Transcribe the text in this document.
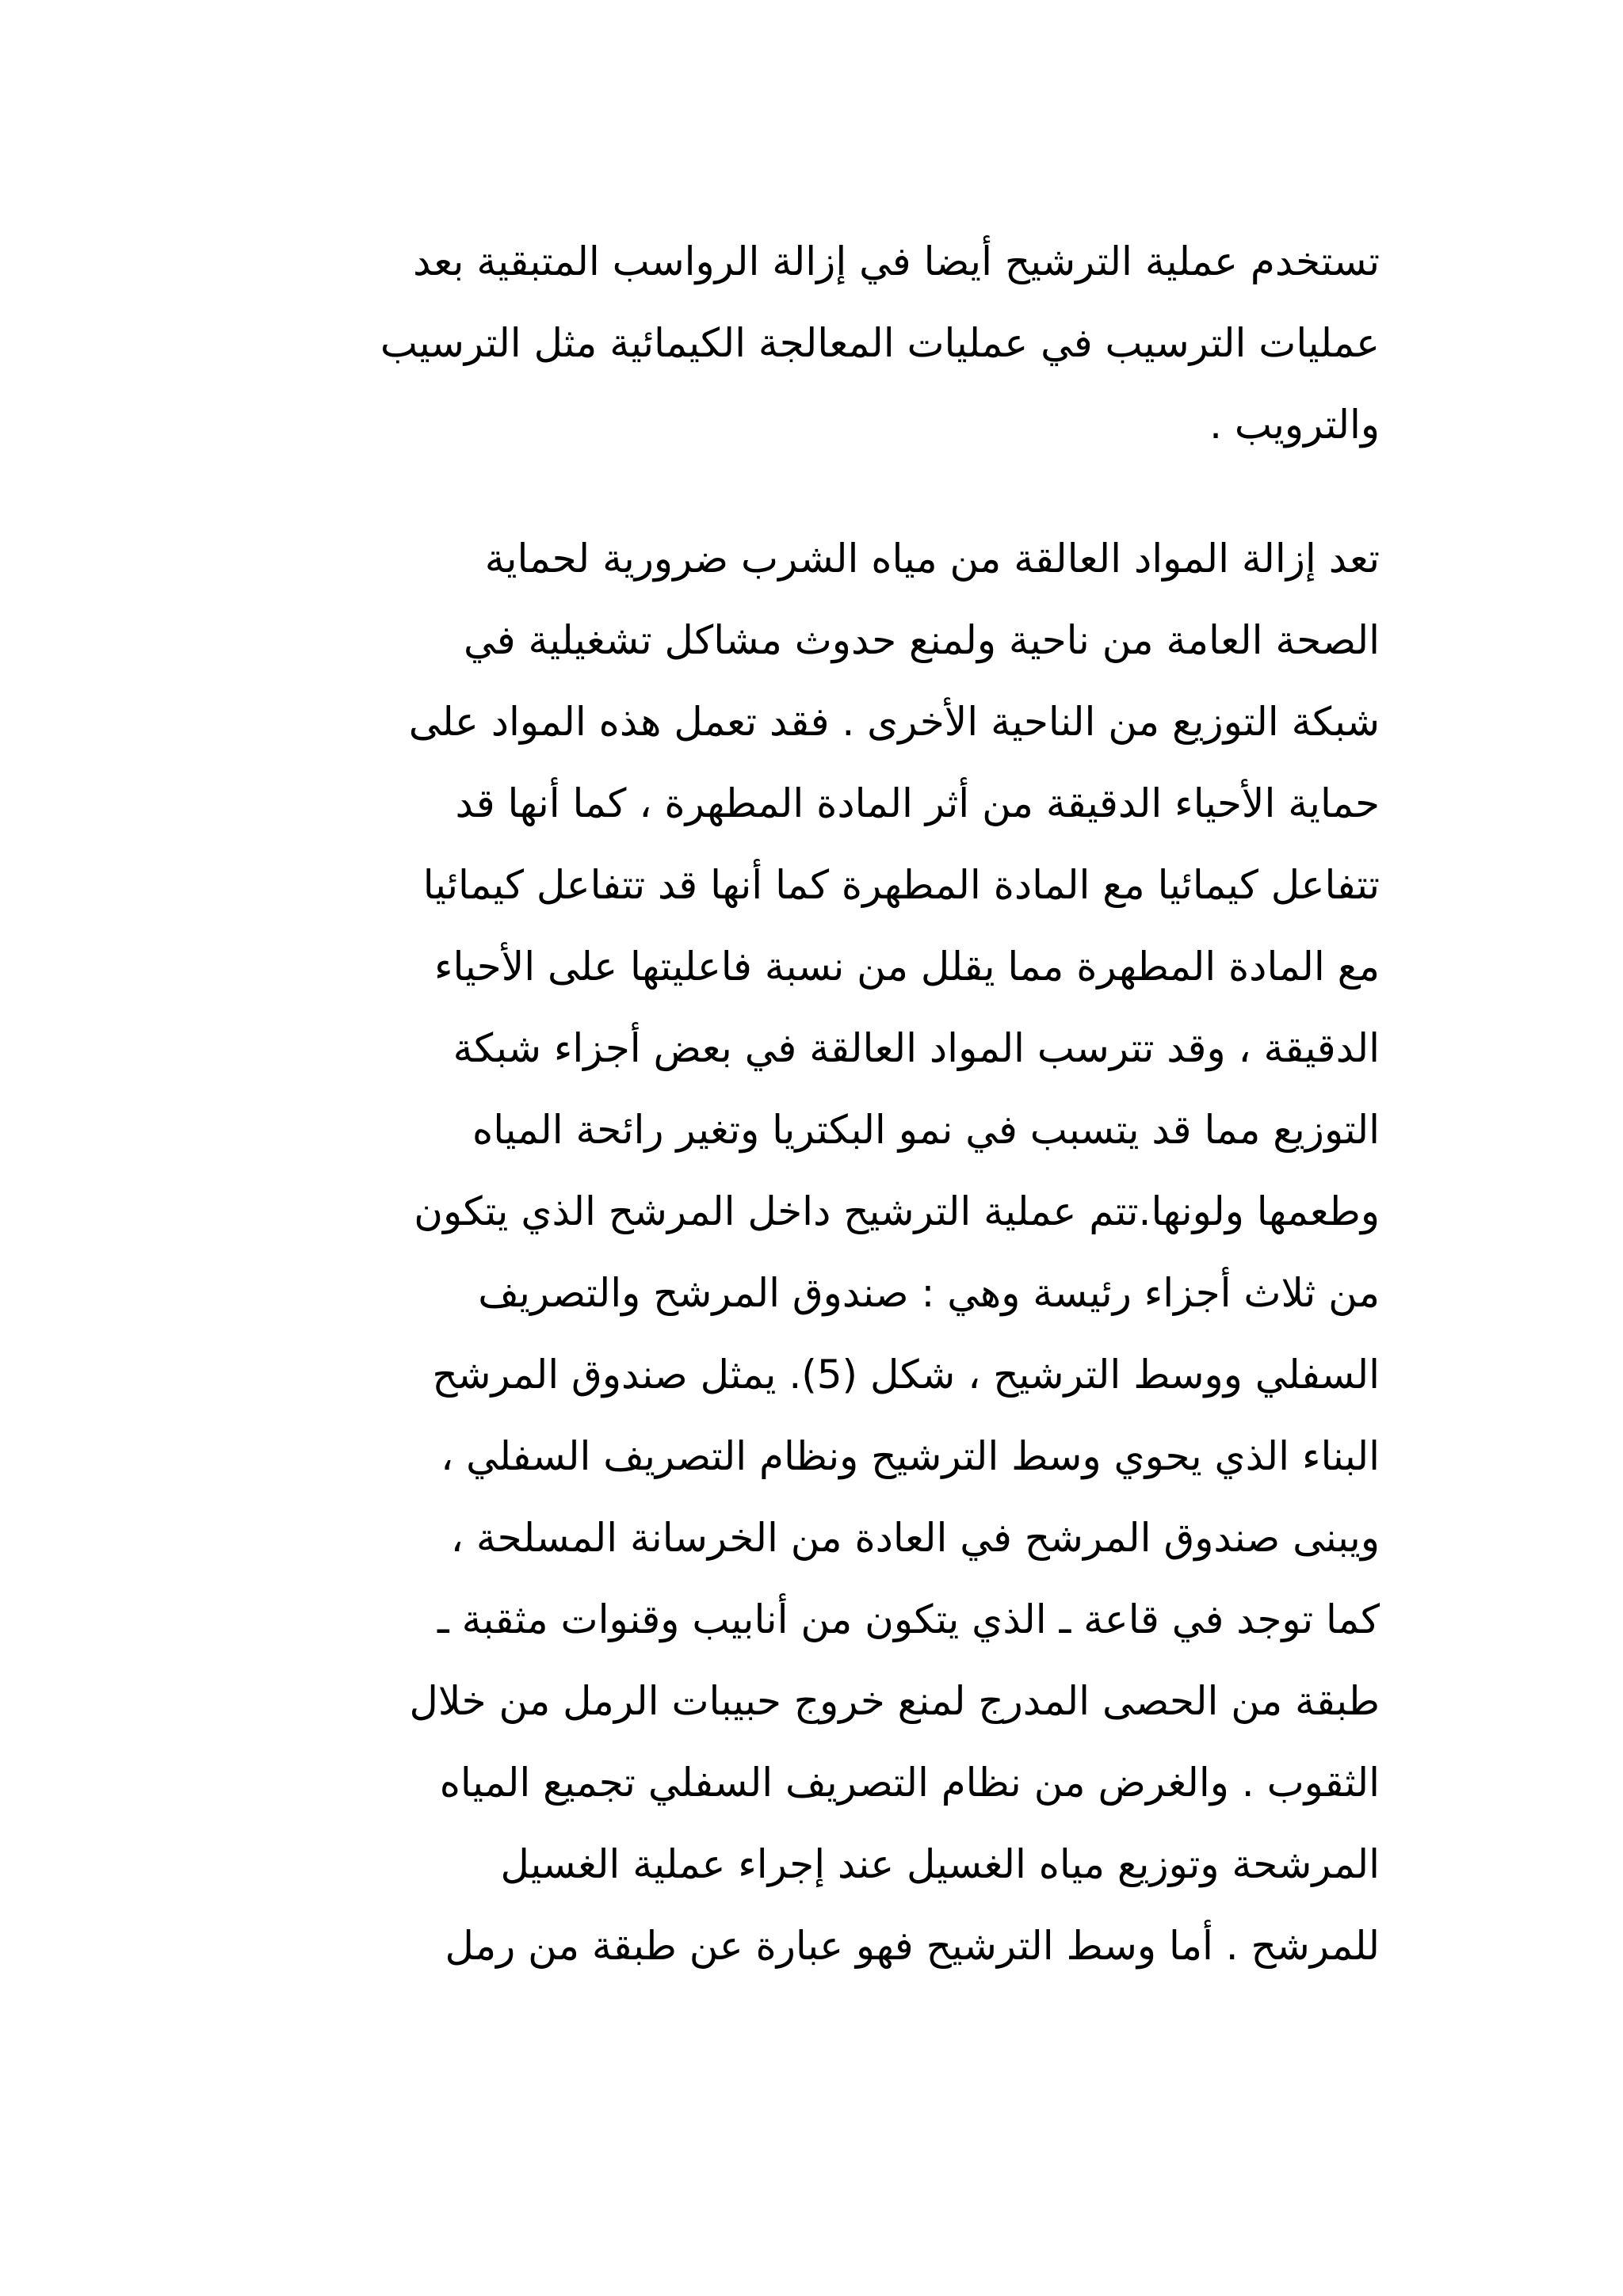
تستخدم عملية الترشيح أيضا في إزالة الرواسب المتبقية بعد
عمليات الترسيب في عمليات المعالجة الكيمائية مثل الترسيب
والترويب .
تعد إزالة المواد العالقة من مياه الشرب ضرورية لحماية
الصحة العامة من ناحية ولمنع حدوث مشاكل تشغيلية في
شبكة التوزيع من الناحية الأخرى . فقد تعمل هذه المواد على
حماية الأحياء الدقيقة من أثر المادة المطهرة ، كما أنها قد
تتفاعل كيمائيا مع المادة المطهرة كما أنها قد تتفاعل كيمائيا
مع المادة المطهرة مما يقلل من نسبة فاعليتها على الأحياء
الدقيقة ، وقد تترسب المواد العالقة في بعض أجزاء شبكة
التوزيع مما قد يتسبب في نمو البكتريا وتغير رائحة المياه
وطعمها ولونها.تتم عملية الترشيح داخل المرشح الذي يتكون
من ثلاث أجزاء رئيسة وهي : صندوق المرشح والتصريف
السفلي ووسط الترشيح ، شكل (5). يمثل صندوق المرشح
البناء الذي يحوي وسط الترشيح ونظام التصريف السفلي ،
ويبنى صندوق المرشح في العادة من الخرسانة المسلحة ،
كما توجد في قاعة ـ الذي يتكون من أنابيب وقنوات مثقبة ـ
طبقة من الحصى المدرج لمنع خروج حبيبات الرمل من خلال
الثقوب . والغرض من نظام التصريف السفلي تجميع المياه
المرشحة وتوزيع مياه الغسيل عند إجراء عملية الغسيل
للمرشح . أما وسط الترشيح فهو عبارة عن طبقة من رمل
